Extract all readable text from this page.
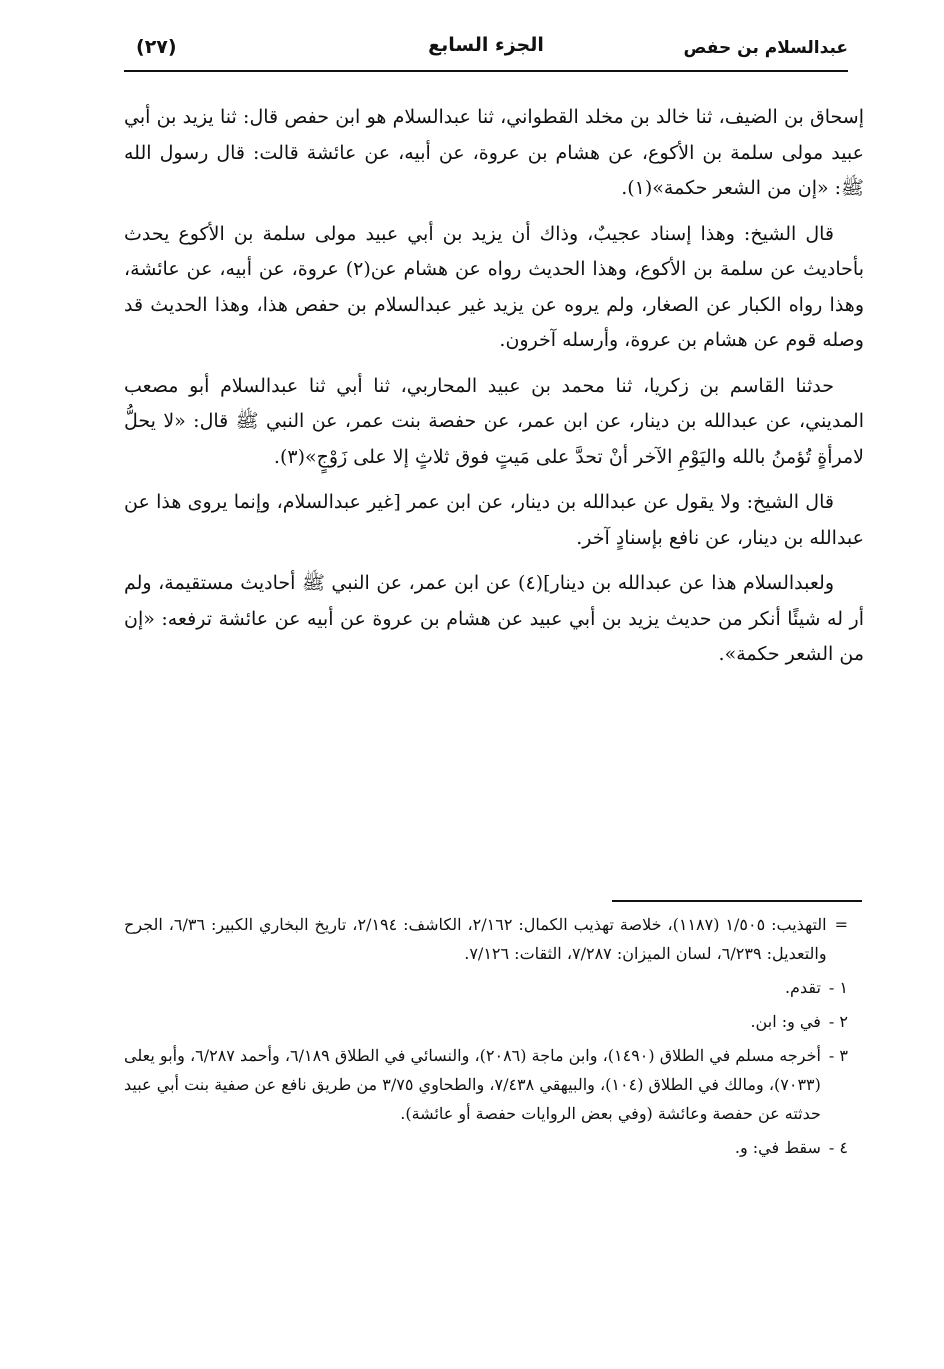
عبدالسلام بن حفص
الجزء السابع
(٢٧)

إسحاق بن الضيف، ثنا خالد بن مخلد القطواني، ثنا عبدالسلام هو ابن حفص قال: ثنا يزيد بن أبي عبيد مولى سلمة بن الأكوع، عن هشام بن عروة، عن أبيه، عن عائشة قالت: قال رسول الله ﷺ: «إن من الشعر حكمة»(١).

قال الشيخ: وهذا إسناد عجيبٌ، وذاك أن يزيد بن أبي عبيد مولى سلمة بن الأكوع يحدث بأحاديث عن سلمة بن الأكوع، وهذا الحديث رواه عن هشام عن(٢) عروة، عن أبيه، عن عائشة، وهذا رواه الكبار عن الصغار، ولم يروه عن يزيد غير عبدالسلام بن حفص هذا، وهذا الحديث قد وصله قوم عن هشام بن عروة، وأرسله آخرون.

حدثنا القاسم بن زكريا، ثنا محمد بن عبيد المحاربي، ثنا أبي ثنا عبدالسلام أبو مصعب المديني، عن عبدالله بن دينار، عن ابن عمر، عن حفصة بنت عمر، عن النبي ﷺ قال: «لا يحلُّ لامرأةٍ تُؤمنُ بالله واليَوْمِ الآخر أنْ تحدَّ على مَيتٍ فوق ثلاثٍ إلا على زَوْجٍ»(٣).

قال الشيخ: ولا يقول عن عبدالله بن دينار، عن ابن عمر [غير عبدالسلام، وإنما يروى هذا عن عبدالله بن دينار، عن نافع بإسنادٍ آخر.

ولعبدالسلام هذا عن عبدالله بن دينار](٤) عن ابن عمر، عن النبي ﷺ أحاديث مستقيمة، ولم أر له شيئًا أنكر من حديث يزيد بن أبي عبيد عن هشام بن عروة عن أبيه عن عائشة ترفعه: «إن من الشعر حكمة».

=
التهذيب: ١/٥٠٥ (١١٨٧)، خلاصة تهذيب الكمال: ٢/١٦٢، الكاشف: ٢/١٩٤، تاريخ البخاري الكبير: ٦/٣٦، الجرح والتعديل: ٦/٢٣٩، لسان الميزان: ٧/٢٨٧، الثقات: ٧/١٢٦.
١ -
تقدم.
٢ -
في و: ابن.
٣ -
أخرجه مسلم في الطلاق (١٤٩٠)، وابن ماجة (٢٠٨٦)، والنسائي في الطلاق ٦/١٨٩، وأحمد ٦/٢٨٧، وأبو يعلى (٧٠٣٣)، ومالك في الطلاق (١٠٤)، والبيهقي ٧/٤٣٨، والطحاوي ٣/٧٥ من طريق نافع عن صفية بنت أبي عبيد حدثته عن حفصة وعائشة (وفي بعض الروايات حفصة أو عائشة).
٤ -
سقط في: و.
